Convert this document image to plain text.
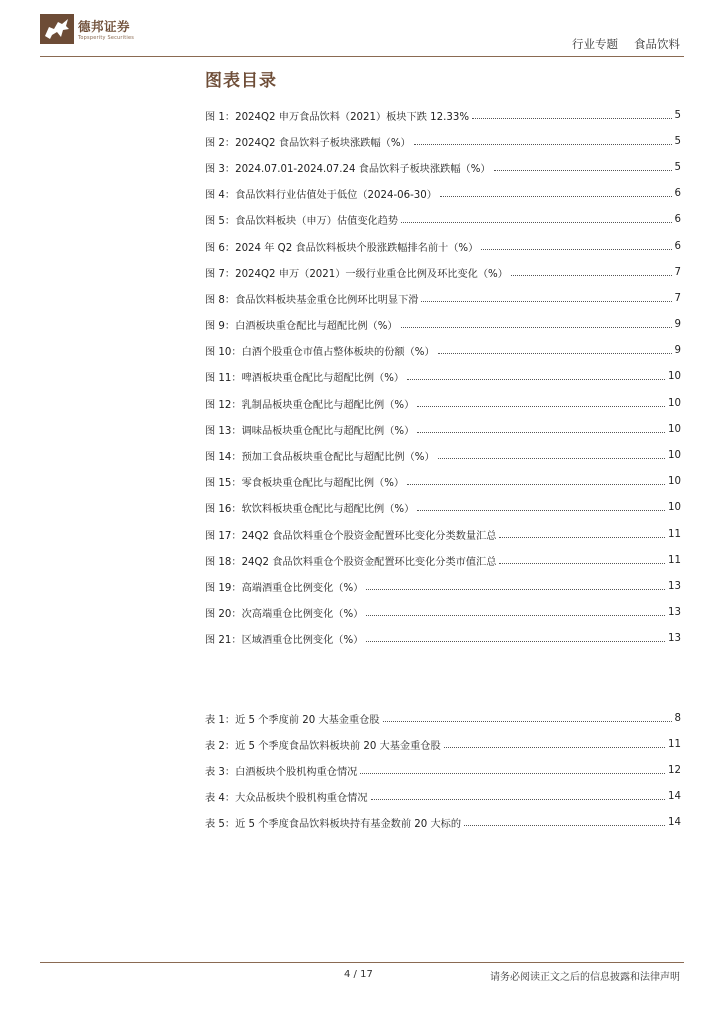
德邦证券
Topsperity Securities	行业专题 食品饮料
图表目录
图 1：2024Q2 申万食品饮料（2021）板块下跌 12.33%	5
图 2：2024Q2 食品饮料子板块涨跌幅（%）	5
图 3：2024.07.01-2024.07.24 食品饮料子板块涨跌幅（%）	5
图 4：食品饮料行业估值处于低位（2024-06-30）	6
图 5：食品饮料板块（申万）估值变化趋势	6
图 6：2024 年 Q2 食品饮料板块个股涨跌幅排名前十（%）	6
图 7：2024Q2 申万（2021）一级行业重仓比例及环比变化（%）	7
图 8：食品饮料板块基金重仓比例环比明显下滑	7
图 9：白酒板块重仓配比与超配比例（%）	9
图 10：白酒个股重仓市值占整体板块的份额（%）	9
图 11：啤酒板块重仓配比与超配比例（%）	10
图 12：乳制品板块重仓配比与超配比例（%）	10
图 13：调味品板块重仓配比与超配比例（%）	10
图 14：预加工食品板块重仓配比与超配比例（%）	10
图 15：零食板块重仓配比与超配比例（%）	10
图 16：软饮料板块重仓配比与超配比例（%）	10
图 17：24Q2 食品饮料重仓个股资金配置环比变化分类数量汇总	11
图 18：24Q2 食品饮料重仓个股资金配置环比变化分类市值汇总	11
图 19：高端酒重仓比例变化（%）	13
图 20：次高端重仓比例变化（%）	13
图 21：区域酒重仓比例变化（%）	13
表 1：近 5 个季度前 20 大基金重仓股	8
表 2：近 5 个季度食品饮料板块前 20 大基金重仓股	11
表 3：白酒板块个股机构重仓情况	12
表 4：大众品板块个股机构重仓情况	14
表 5：近 5 个季度食品饮料板块持有基金数前 20 大标的	14
4 / 17	请务必阅读正文之后的信息披露和法律声明
